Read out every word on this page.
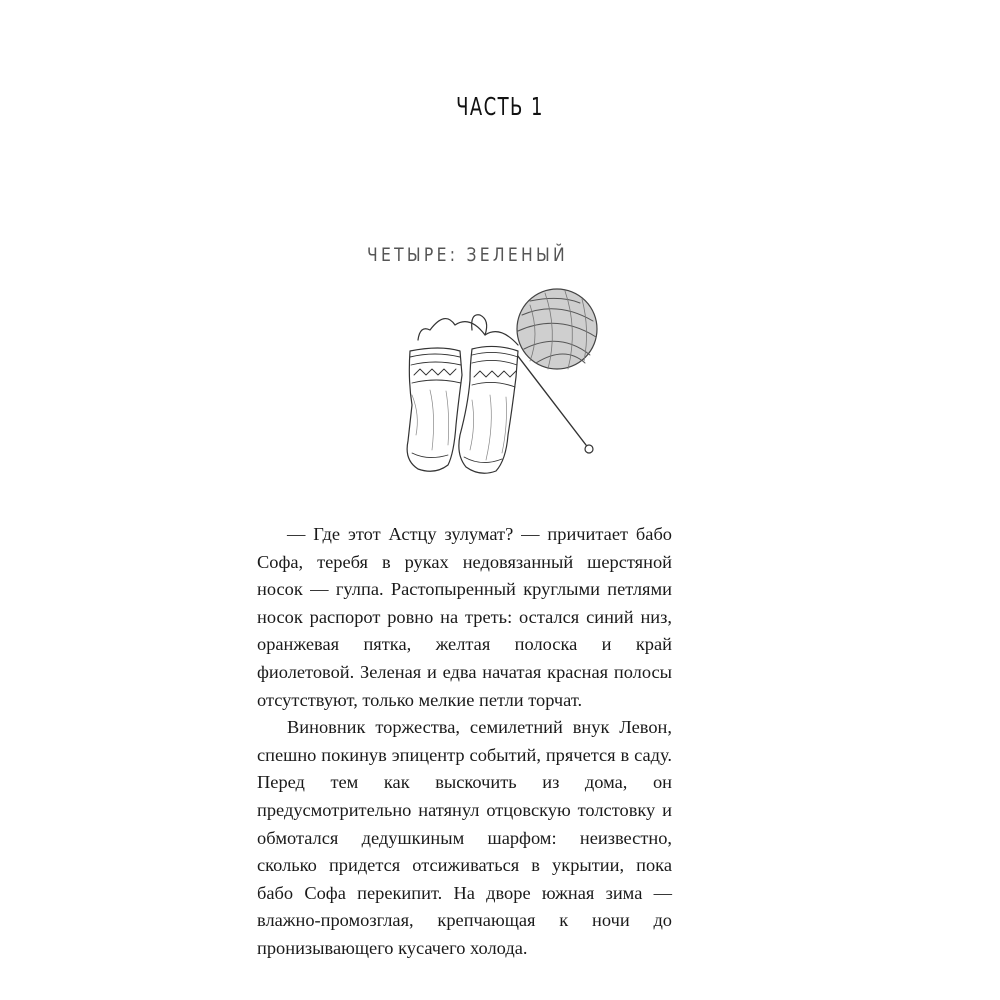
ЧАСТЬ 1
ЧЕТЫРЕ: ЗЕЛЕНЫЙ

— Где этот Астцу зулумат? — причитает бабо Софа, теребя в руках недовязанный шерстяной носок — гулпа. Растопыренный круглыми петлями носок распорот ровно на треть: остался синий низ, оранжевая пятка, желтая полоска и край фиолетовой. Зеленая и едва начатая красная полосы отсутствуют, только мелкие петли торчат.

Виновник торжества, семилетний внук Левон, спешно покинув эпицентр событий, прячется в саду. Перед тем как выскочить из дома, он предусмотрительно натянул отцовскую толстовку и обмотался дедушкиным шарфом: неизвестно, сколько придется отсиживаться в укрытии, пока бабо Софа перекипит. На дворе южная зима — влажно-промозглая, крепчающая к ночи до пронизывающего кусачего холода.
